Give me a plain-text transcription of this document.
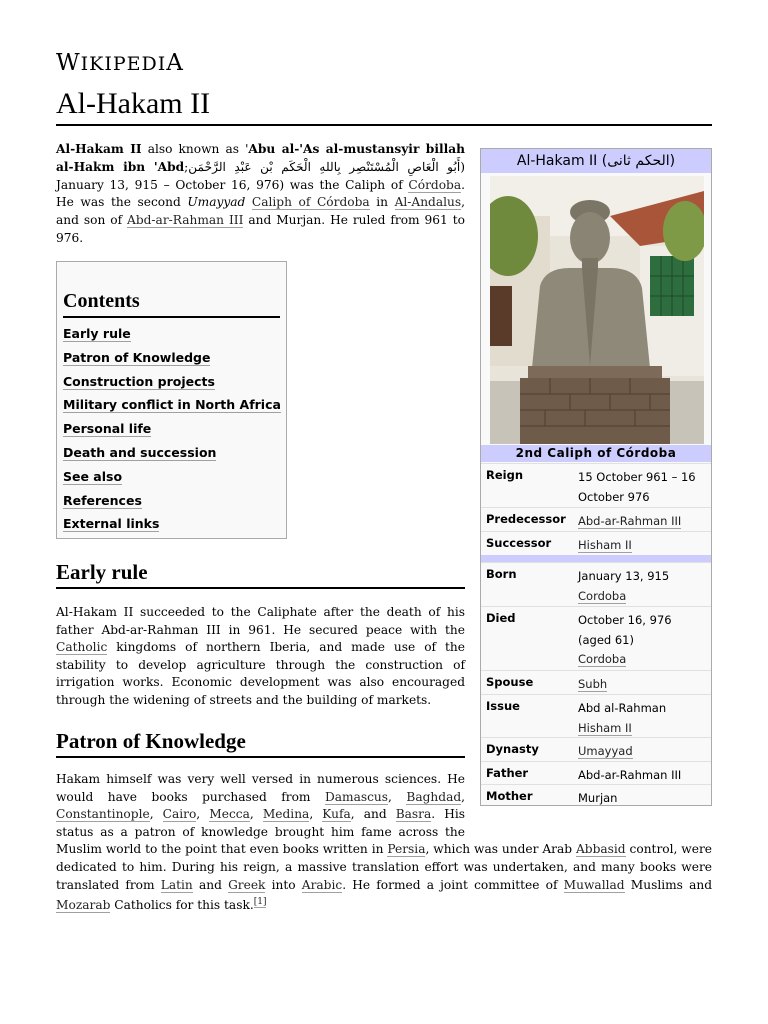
WIKIPEDIA
Al-Hakam II
Al-Hakam II also known as 'Abu al-'As al-mustansyir billah al-Hakm ibn 'Abd(أَبُو الْعَاصِ الْمُسْتَنْصِر بِاللهِ الْحَكَم بْن عَبْدِ الرَّحْمَن; January 13, 915 – October 16, 976) was the Caliph of Córdoba. He was the second Umayyad Caliph of Córdoba in Al-Andalus, and son of Abd-ar-Rahman III and Murjan. He ruled from 961 to 976.
Contents
Early rule
Patron of Knowledge
Construction projects
Military conflict in North Africa
Personal life
Death and succession
See also
References
External links
Early rule
Al-Hakam II succeeded to the Caliphate after the death of his father Abd-ar-Rahman III in 961. He secured peace with the Catholic kingdoms of northern Iberia, and made use of the stability to develop agriculture through the construction of irrigation works. Economic development was also encouraged through the widening of streets and the building of markets.
Patron of Knowledge
Hakam himself was very well versed in numerous sciences. He would have books purchased from Damascus, Baghdad, Constantinople, Cairo, Mecca, Medina, Kufa, and Basra. His status as a patron of knowledge brought him fame across the Muslim world to the point that even books written in Persia, which was under Arab Abbasid control, were dedicated to him. During his reign, a massive translation effort was undertaken, and many books were translated from Latin and Greek into Arabic. He formed a joint committee of Muwallad Muslims and Mozarab Catholics for this task.[1]
Al-Hakam II (الحكم ثانی)
2nd Caliph of Córdoba
Reign	15 October 961 – 16 October 976
Predecessor Abd-ar-Rahman III
Successor Hisham II
Born	January 13, 915
Cordoba
Died	October 16, 976
(aged 61)
Cordoba
Spouse	Subh
Issue	Abd al-Rahman
Hisham II
Dynasty	Umayyad
Father	Abd-ar-Rahman III
Mother	Murjan
